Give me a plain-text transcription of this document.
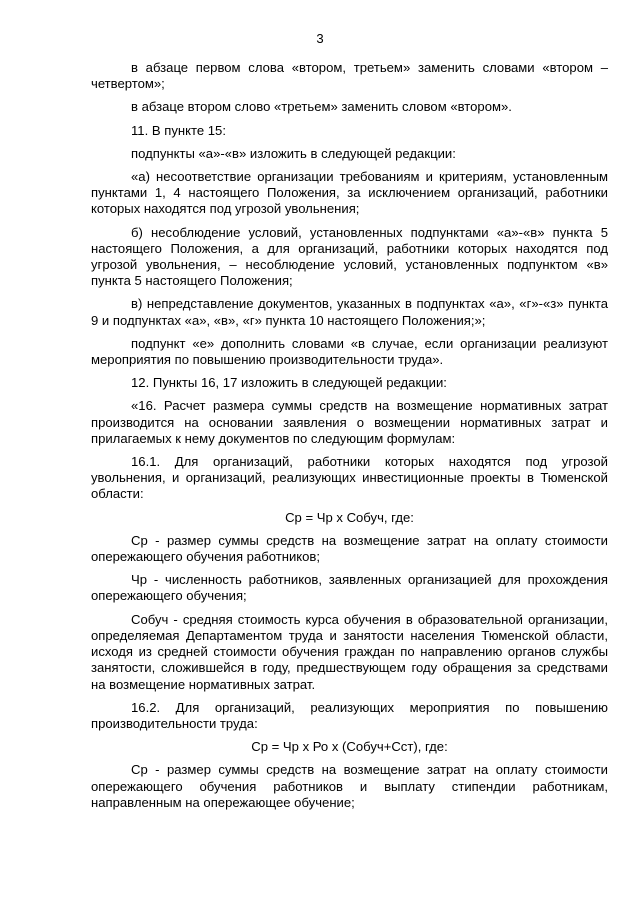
3

в абзаце первом слова «втором, третьем» заменить словами «втором – четвертом»;

в абзаце втором слово «третьем» заменить словом «втором».

11. В пункте 15:

подпункты «а»-«в» изложить в следующей редакции:

«а) несоответствие организации требованиям и критериям, установленным пунктами 1, 4 настоящего Положения, за исключением организаций, работники которых находятся под угрозой увольнения;

б) несоблюдение условий, установленных подпунктами «а»-«в» пункта 5 настоящего Положения, а для организаций, работники которых находятся под угрозой увольнения, – несоблюдение условий, установленных подпунктом «в» пункта 5 настоящего Положения;

в) непредставление документов, указанных в подпунктах «а», «г»-«з» пункта 9 и подпунктах «а», «в», «г» пункта 10 настоящего Положения;»;

подпункт «е» дополнить словами «в случае, если организации реализуют мероприятия по повышению производительности труда».

12. Пункты 16, 17 изложить в следующей редакции:

«16. Расчет размера суммы средств на возмещение нормативных затрат производится на основании заявления о возмещении нормативных затрат и прилагаемых к нему документов по следующим формулам:

16.1. Для организаций, работники которых находятся под угрозой увольнения, и организаций, реализующих инвестиционные проекты в Тюменской области:

Ср = Чр х Собуч, где:

Ср - размер суммы средств на возмещение затрат на оплату стоимости опережающего обучения работников;

Чр - численность работников, заявленных организацией для прохождения опережающего обучения;

Собуч - средняя стоимость курса обучения в образовательной организации, определяемая Департаментом труда и занятости населения Тюменской области, исходя из средней стоимости обучения граждан по направлению органов службы занятости, сложившейся в году, предшествующем году обращения за средствами на возмещение нормативных затрат.

16.2. Для организаций, реализующих мероприятия по повышению производительности труда:

Ср = Чр х Ро х (Собуч+Сст), где:

Ср - размер суммы средств на возмещение затрат на оплату стоимости опережающего обучения работников и выплату стипендии работникам, направленным на опережающее обучение;
